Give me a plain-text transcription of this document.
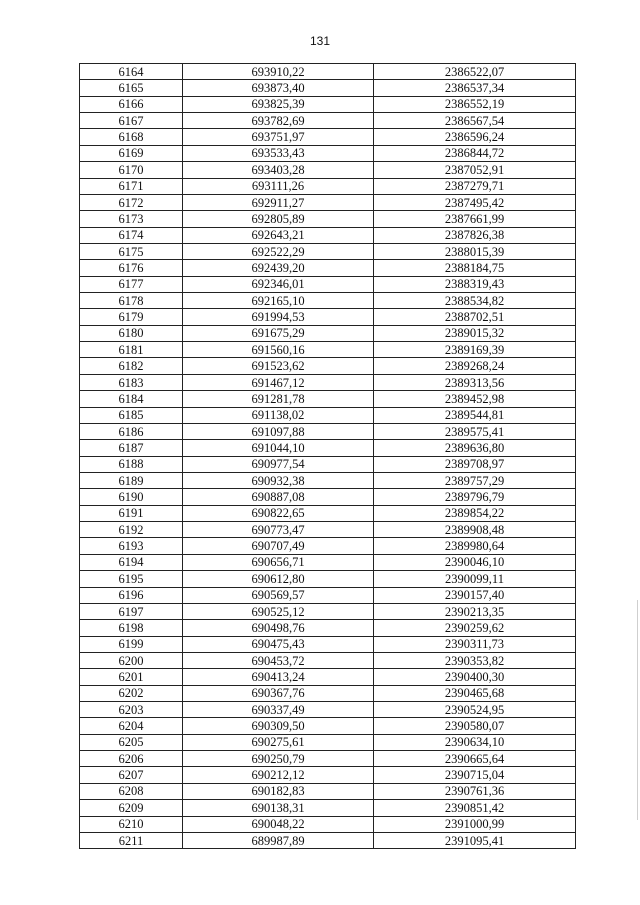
131
6164	693910,22	2386522,07
6165	693873,40	2386537,34
6166	693825,39	2386552,19
6167	693782,69	2386567,54
6168	693751,97	2386596,24
6169	693533,43	2386844,72
6170	693403,28	2387052,91
6171	693111,26	2387279,71
6172	692911,27	2387495,42
6173	692805,89	2387661,99
6174	692643,21	2387826,38
6175	692522,29	2388015,39
6176	692439,20	2388184,75
6177	692346,01	2388319,43
6178	692165,10	2388534,82
6179	691994,53	2388702,51
6180	691675,29	2389015,32
6181	691560,16	2389169,39
6182	691523,62	2389268,24
6183	691467,12	2389313,56
6184	691281,78	2389452,98
6185	691138,02	2389544,81
6186	691097,88	2389575,41
6187	691044,10	2389636,80
6188	690977,54	2389708,97
6189	690932,38	2389757,29
6190	690887,08	2389796,79
6191	690822,65	2389854,22
6192	690773,47	2389908,48
6193	690707,49	2389980,64
6194	690656,71	2390046,10
6195	690612,80	2390099,11
6196	690569,57	2390157,40
6197	690525,12	2390213,35
6198	690498,76	2390259,62
6199	690475,43	2390311,73
6200	690453,72	2390353,82
6201	690413,24	2390400,30
6202	690367,76	2390465,68
6203	690337,49	2390524,95
6204	690309,50	2390580,07
6205	690275,61	2390634,10
6206	690250,79	2390665,64
6207	690212,12	2390715,04
6208	690182,83	2390761,36
6209	690138,31	2390851,42
6210	690048,22	2391000,99
6211	689987,89	2391095,41
